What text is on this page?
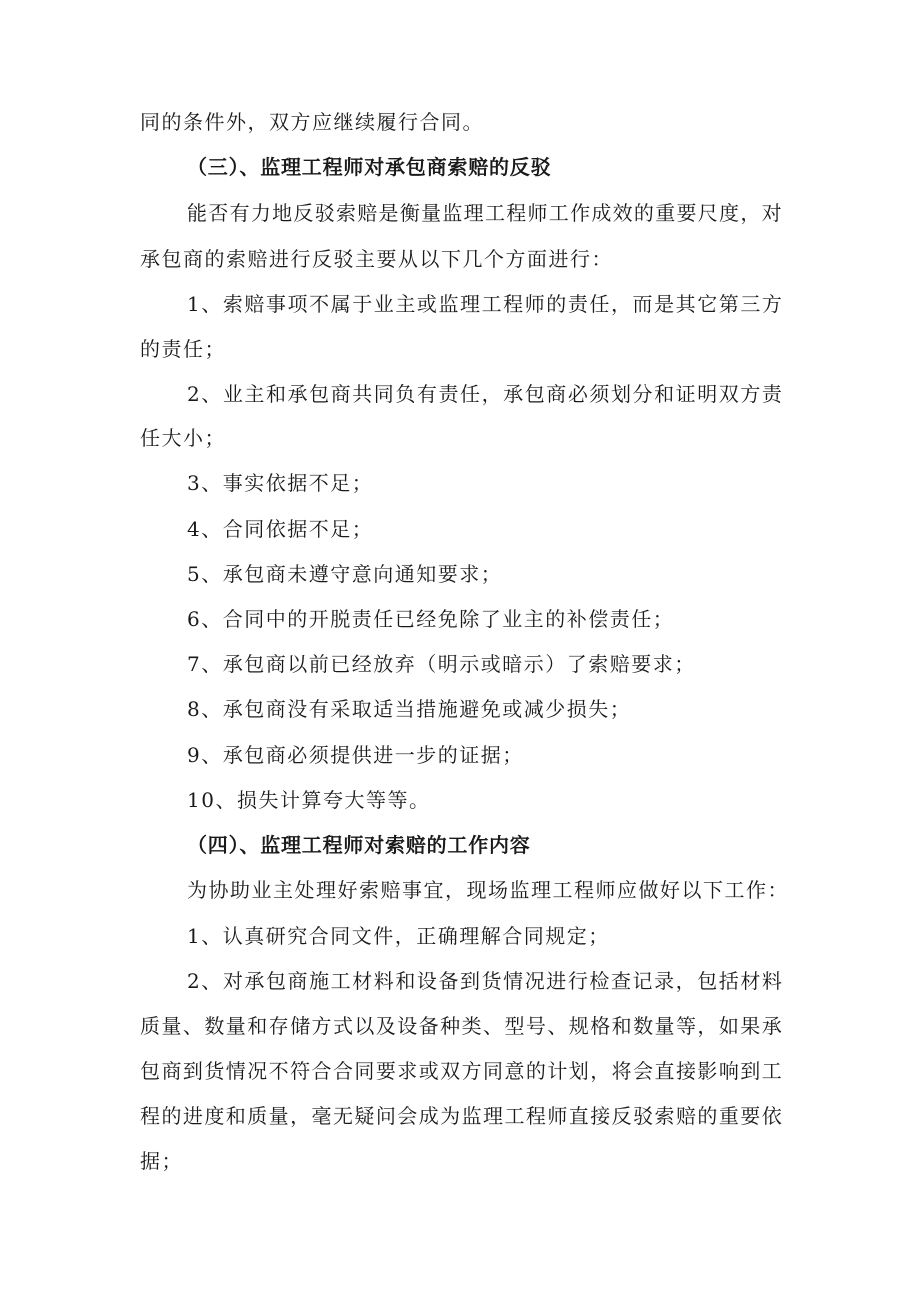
同的条件外，双方应继续履行合同。
（三）、监理工程师对承包商索赔的反驳
能 否 有 力 地 反 驳 索 赔 是 衡 量 监 理 工 程 师 工 作 成 效 的 重 要 尺 度 ， 对
承包商的索赔进行反驳主要从以下几个方面进行：
1 、 索 赔 事 项 不 属 于 业 主 或 监 理 工 程 师 的 责 任 ， 而 是 其 它 第 三 方
的责任；
2 、 业 主 和 承 包 商 共 同 负 有 责 任 ， 承 包 商 必 须 划 分 和 证 明 双 方 责
任大小；
3、事实依据不足；
4、合同依据不足；
5、承包商未遵守意向通知要求；
6、合同中的开脱责任已经免除了业主的补偿责任；
7、承包商以前已经放弃（明示或暗示）了索赔要求；
8、承包商没有采取适当措施避免或减少损失；
9、承包商必须提供进一步的证据；
10、损失计算夸大等等。
（四）、监理工程师对索赔的工作内容
为协助业主处理好索赔事宜，现场监理工程师应做好以下工作：
1、认真研究合同文件，正确理解合同规定；
2 、 对 承 包 商 施 工 材 料 和 设 备 到 货 情 况 进 行 检 查 记 录 ， 包 括 材 料
质 量 、 数 量 和 存 储 方 式 以 及 设 备 种 类 、 型 号 、 规 格 和 数 量 等 ， 如 果 承
包 商 到 货 情 况 不 符 合 合 同 要 求 或 双 方 同 意 的 计 划 ， 将 会 直 接 影 响 到 工
程 的 进 度 和 质 量 ， 毫 无 疑 问 会 成 为 监 理 工 程 师 直 接 反 驳 索 赔 的 重 要 依
据；
